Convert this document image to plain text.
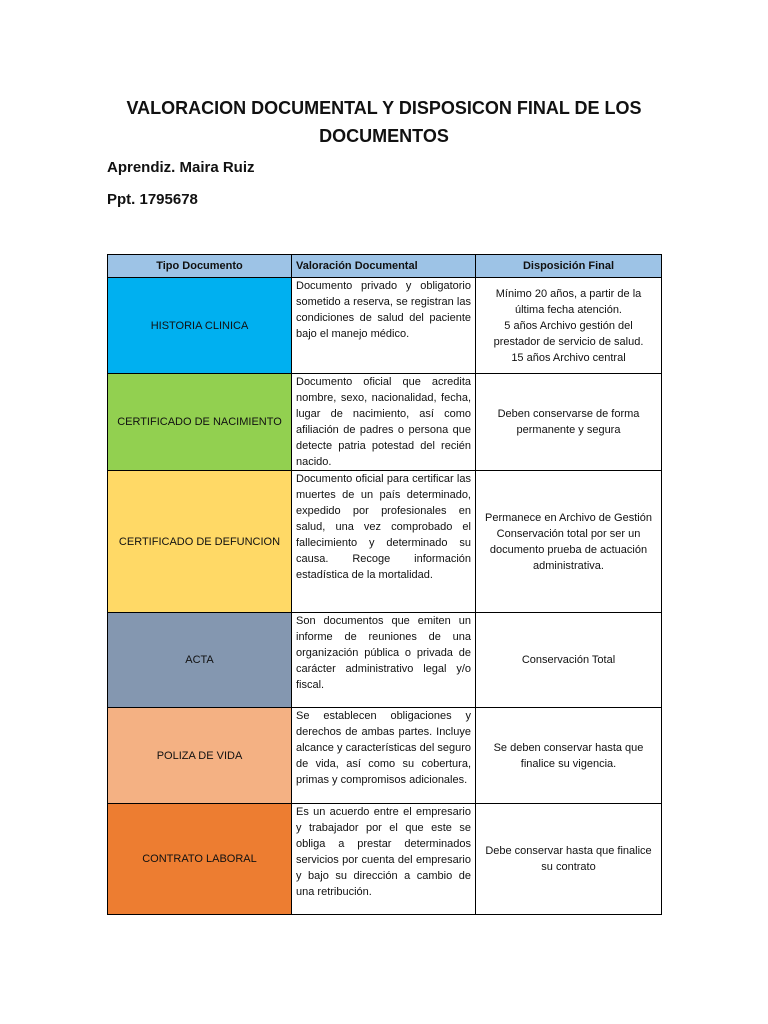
VALORACION DOCUMENTAL Y DISPOSICON FINAL DE LOS DOCUMENTOS
Aprendiz. Maira Ruiz
Ppt. 1795678
Tipo Documento	Valoración Documental	Disposición Final
HISTORIA CLINICA	Documento privado y obligatorio sometido a reserva, se registran las condiciones de salud del paciente bajo el manejo médico.	Mínimo 20 años, a partir de la última fecha atención.
5 años Archivo gestión del prestador de servicio de salud.
15 años Archivo central
CERTIFICADO DE NACIMIENTO	Documento oficial que acredita nombre, sexo, nacionalidad, fecha, lugar de nacimiento, así como afiliación de padres o persona que detecte patria potestad del recién nacido.	Deben conservarse de forma permanente y segura
CERTIFICADO DE DEFUNCION	Documento oficial para certificar las muertes de un país determinado, expedido por profesionales en salud, una vez comprobado el fallecimiento y determinado su causa. Recoge información estadística de la mortalidad.	Permanece en Archivo de Gestión
Conservación total por ser un documento prueba de actuación administrativa.
ACTA	Son documentos que emiten un informe de reuniones de una organización pública o privada de carácter administrativo legal y/o fiscal.	Conservación Total
POLIZA DE VIDA	Se establecen obligaciones y derechos de ambas partes. Incluye alcance y características del seguro de vida, así como su cobertura, primas y compromisos adicionales.	Se deben conservar hasta que finalice su vigencia.
CONTRATO LABORAL	Es un acuerdo entre el empresario y trabajador por el que este se obliga a prestar determinados servicios por cuenta del empresario y bajo su dirección a cambio de una retribución.	Debe conservar hasta que finalice su contrato
